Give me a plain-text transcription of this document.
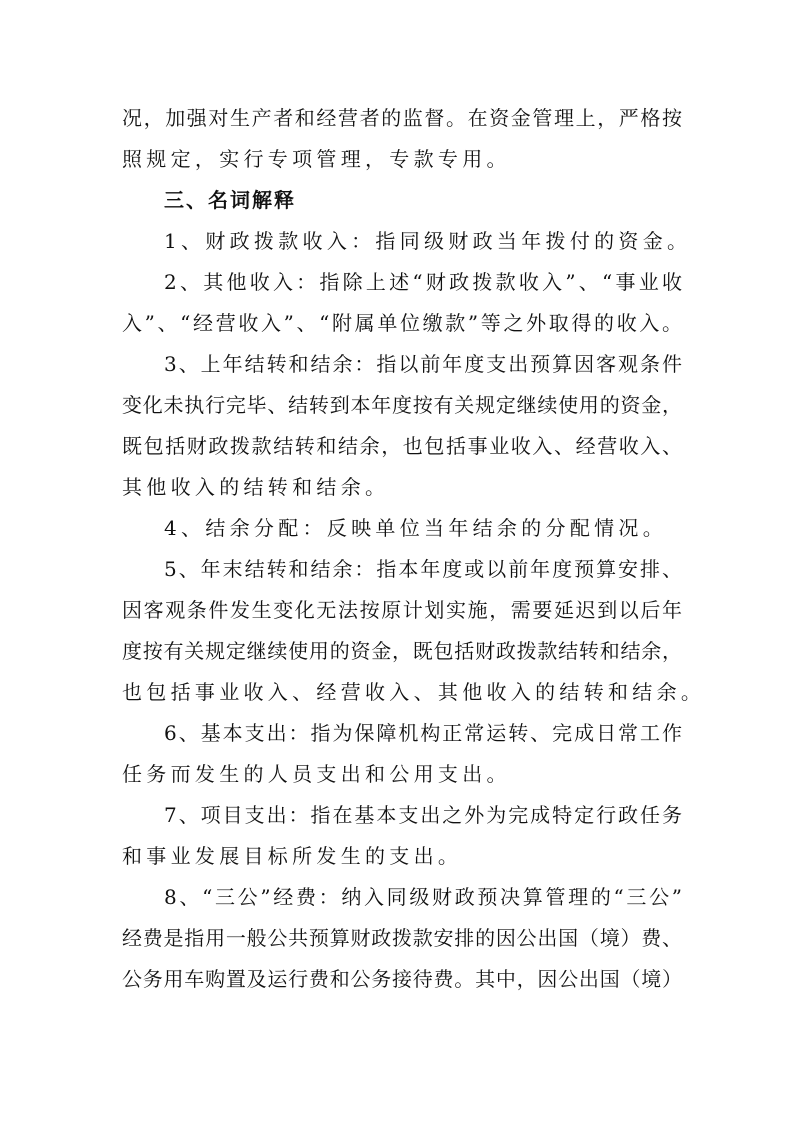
况，加强对生产者和经营者的监督。在资金管理上，严格按
照规定，实行专项管理，专款专用。
三、名词解释
1、财政拨款收入：指同级财政当年拨付的资金。
2、其他收入：指除上述“财政拨款收入”、“事业收
入”、“经营收入”、“附属单位缴款”等之外取得的收入。
3、上年结转和结余：指以前年度支出预算因客观条件
变化未执行完毕、结转到本年度按有关规定继续使用的资金，
既包括财政拨款结转和结余，也包括事业收入、经营收入、
其他收入的结转和结余。
4、结余分配：反映单位当年结余的分配情况。
5、年末结转和结余：指本年度或以前年度预算安排、
因客观条件发生变化无法按原计划实施，需要延迟到以后年
度按有关规定继续使用的资金，既包括财政拨款结转和结余，
也包括事业收入、经营收入、其他收入的结转和结余。
6、基本支出：指为保障机构正常运转、完成日常工作
任务而发生的人员支出和公用支出。
7、项目支出：指在基本支出之外为完成特定行政任务
和事业发展目标所发生的支出。
8、“三公”经费：纳入同级财政预决算管理的“三公”
经费是指用一般公共预算财政拨款安排的因公出国（境）费、
公务用车购置及运行费和公务接待费。其中，因公出国（境）
